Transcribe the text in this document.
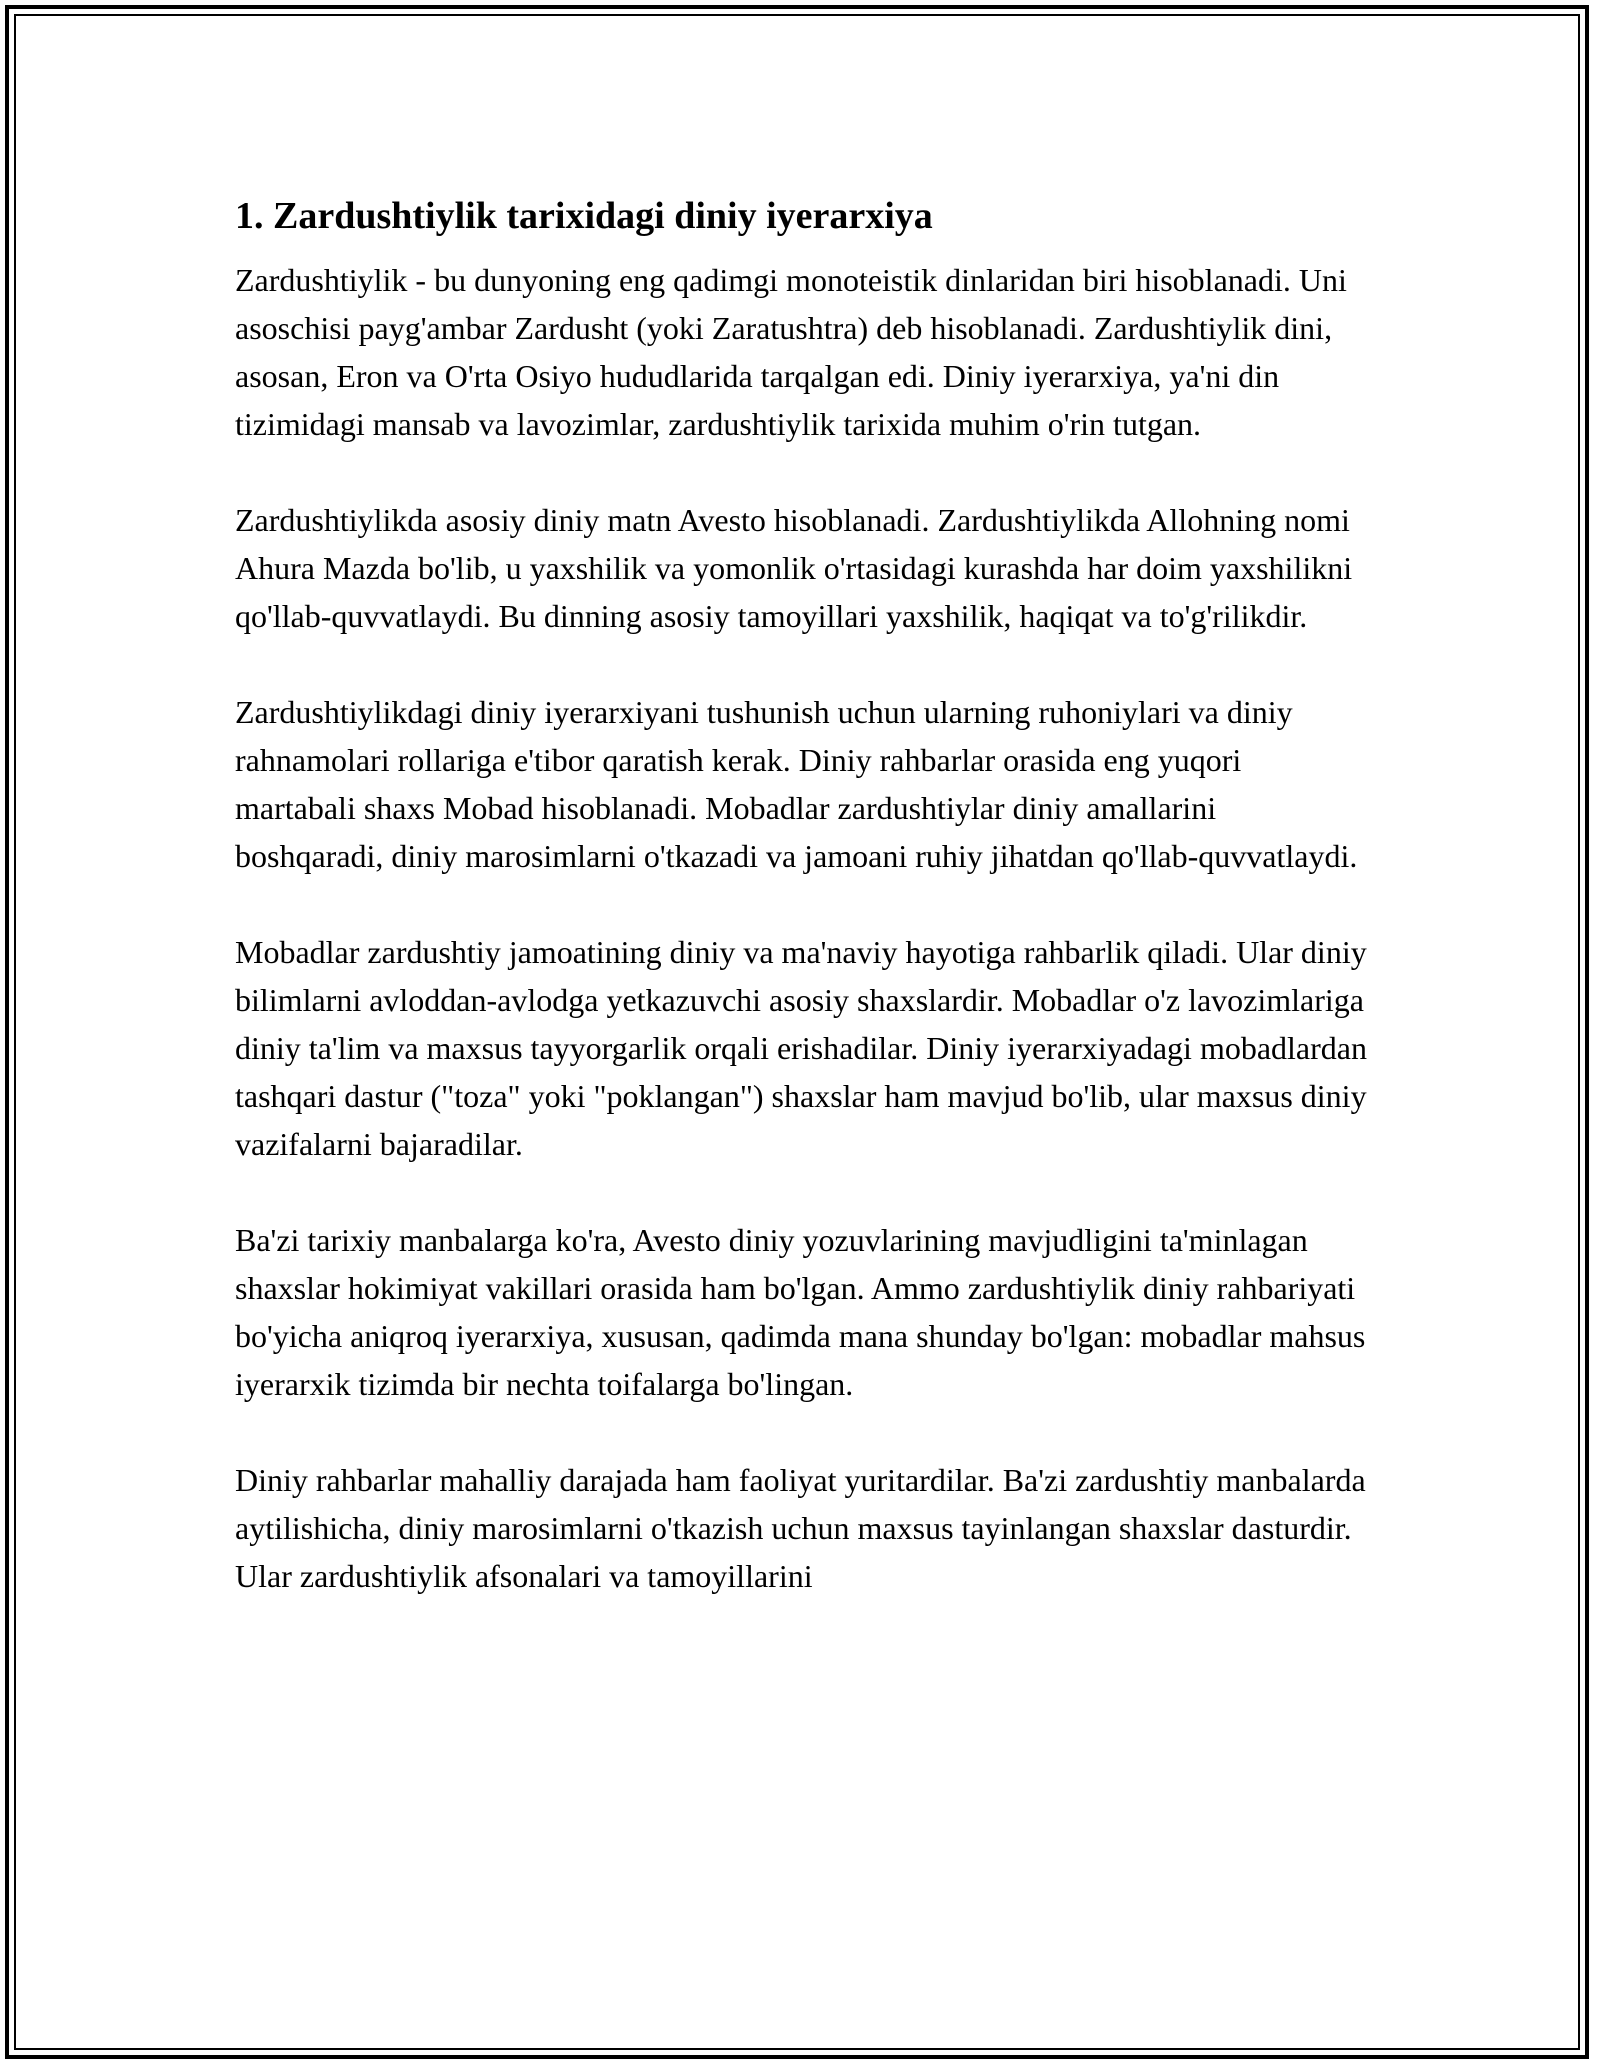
1. Zardushtiylik tarixidagi diniy iyerarxiya

Zardushtiylik - bu dunyoning eng qadimgi monoteistik dinlaridan biri hisoblanadi. Uni asoschisi payg'ambar Zardusht (yoki Zaratushtra) deb hisoblanadi. Zardushtiylik dini, asosan, Eron va O'rta Osiyo hududlarida tarqalgan edi. Diniy iyerarxiya, ya'ni din tizimidagi mansab va lavozimlar, zardushtiylik tarixida muhim o'rin tutgan.

Zardushtiylikda asosiy diniy matn Avesto hisoblanadi. Zardushtiylikda Allohning nomi Ahura Mazda bo'lib, u yaxshilik va yomonlik o'rtasidagi kurashda har doim yaxshilikni qo'llab-quvvatlaydi. Bu dinning asosiy tamoyillari yaxshilik, haqiqat va to'g'rilikdir.

Zardushtiylikdagi diniy iyerarxiyani tushunish uchun ularning ruhoniylari va diniy rahnamolari rollariga e'tibor qaratish kerak. Diniy rahbarlar orasida eng yuqori martabali shaxs Mobad hisoblanadi. Mobadlar zardushtiylar diniy amallarini boshqaradi, diniy marosimlarni o'tkazadi va jamoani ruhiy jihatdan qo'llab-quvvatlaydi.

Mobadlar zardushtiy jamoatining diniy va ma'naviy hayotiga rahbarlik qiladi. Ular diniy bilimlarni avloddan-avlodga yetkazuvchi asosiy shaxslardir. Mobadlar o'z lavozimlariga diniy ta'lim va maxsus tayyorgarlik orqali erishadilar. Diniy iyerarxiyadagi mobadlardan tashqari dastur ("toza" yoki "poklangan") shaxslar ham mavjud bo'lib, ular maxsus diniy vazifalarni bajaradilar.

Ba'zi tarixiy manbalarga ko'ra, Avesto diniy yozuvlarining mavjudligini ta'minlagan shaxslar hokimiyat vakillari orasida ham bo'lgan. Ammo zardushtiylik diniy rahbariyati bo'yicha aniqroq iyerarxiya, xususan, qadimda mana shunday bo'lgan: mobadlar mahsus iyerarxik tizimda bir nechta toifalarga bo'lingan.

Diniy rahbarlar mahalliy darajada ham faoliyat yuritardilar. Ba'zi zardushtiy manbalarda aytilishicha, diniy marosimlarni o'tkazish uchun maxsus tayinlangan shaxslar dasturdir. Ular zardushtiylik afsonalari va tamoyillarini
